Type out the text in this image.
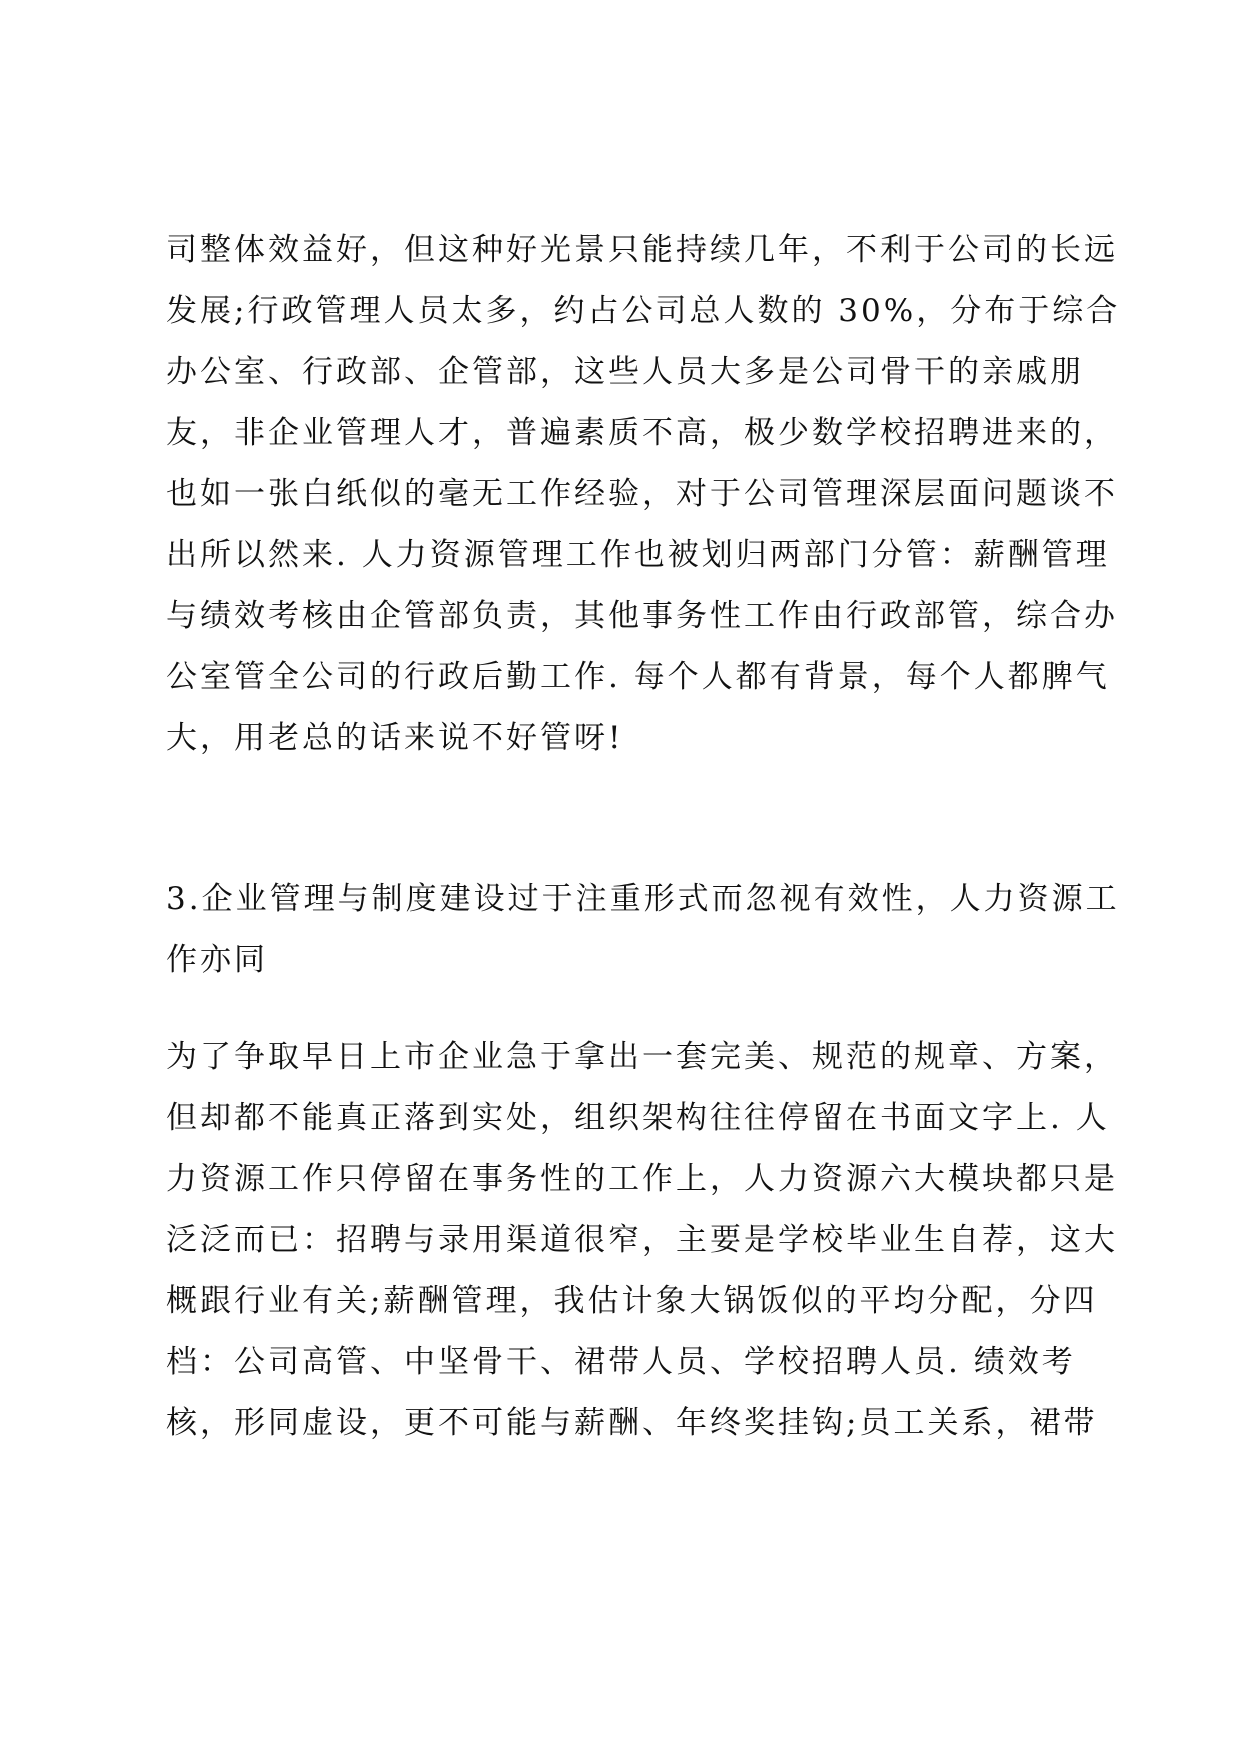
司整体效益好，但这种好光景只能持续几年，不利于公司的长远
发展;行政管理人员太多，约占公司总人数的 30%，分布于综合
办公室、行政部、企管部，这些人员大多是公司骨干的亲戚朋
友，非企业管理人才，普遍素质不高，极少数学校招聘进来的，
也如一张白纸似的毫无工作经验，对于公司管理深层面问题谈不
出所以然来. 人力资源管理工作也被划归两部门分管：薪酬管理
与绩效考核由企管部负责，其他事务性工作由行政部管，综合办
公室管全公司的行政后勤工作. 每个人都有背景，每个人都脾气
大，用老总的话来说不好管呀!
3.企业管理与制度建设过于注重形式而忽视有效性，人力资源工
作亦同
为了争取早日上市企业急于拿出一套完美、规范的规章、方案，
但却都不能真正落到实处，组织架构往往停留在书面文字上. 人
力资源工作只停留在事务性的工作上，人力资源六大模块都只是
泛泛而已：招聘与录用渠道很窄，主要是学校毕业生自荐，这大
概跟行业有关;薪酬管理，我估计象大锅饭似的平均分配，分四
档：公司高管、中坚骨干、裙带人员、学校招聘人员. 绩效考
核，形同虚设，更不可能与薪酬、年终奖挂钩;员工关系，裙带
